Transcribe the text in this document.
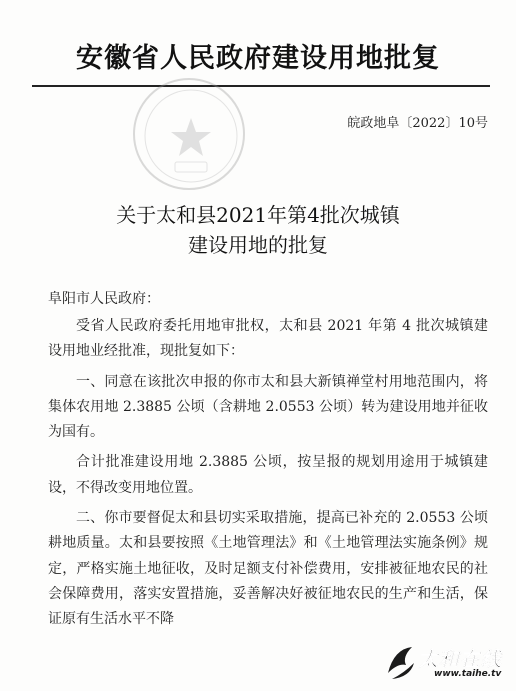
安徽省人民政府建设用地批复
皖政地阜〔2022〕10号
关于太和县2021年第4批次城镇
建设用地的批复
阜阳市人民政府：

受省人民政府委托用地审批权，太和县 2021 年第 4 批次城镇建设用地业经批准，现批复如下：

一、同意在该批次申报的你市太和县大新镇禅堂村用地范围内，将集体农用地 2.3885 公顷（含耕地 2.0553 公顷）转为建设用地并征收为国有。

合计批准建设用地 2.3885 公顷，按呈报的规划用途用于城镇建设，不得改变用地位置。

二、你市要督促太和县切实采取措施，提高已补充的 2.0553 公顷耕地质量。太和县要按照《土地管理法》和《土地管理法实施条例》规定，严格实施土地征收，及时足额支付补偿费用，安排被征地农民的社会保障费用，落实安置措施，妥善解决好被征地农民的生产和生活，保证原有生活水平不降

太和在线
www.taihe.tv
